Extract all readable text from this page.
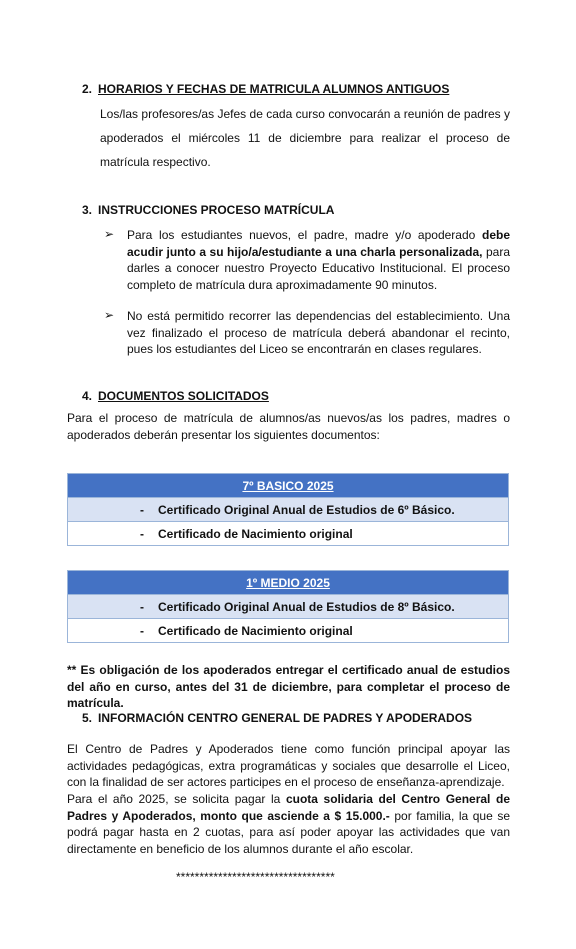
2. HORARIOS Y FECHAS DE MATRICULA ALUMNOS ANTIGUOS
Los/las profesores/as Jefes de cada curso convocarán a reunión de padres y apoderados el miércoles 11 de diciembre para realizar el proceso de matrícula respectivo.
3. INSTRUCCIONES PROCESO MATRÍCULA
➢ Para los estudiantes nuevos, el padre, madre y/o apoderado debe acudir junto a su hijo/a/estudiante a una charla personalizada, para darles a conocer nuestro Proyecto Educativo Institucional. El proceso completo de matrícula dura aproximadamente 90 minutos.
➢ No está permitido recorrer las dependencias del establecimiento. Una vez finalizado el proceso de matrícula deberá abandonar el recinto, pues los estudiantes del Liceo se encontrarán en clases regulares.
4. DOCUMENTOS SOLICITADOS
Para el proceso de matrícula de alumnos/as nuevos/as los padres, madres o apoderados deberán presentar los siguientes documentos:
7º BASICO 2025

-	Certificado Original Anual de Estudios de 6º Básico.

-	Certificado de Nacimiento original
1º MEDIO 2025

-	Certificado Original Anual de Estudios de 8º Básico.

-	Certificado de Nacimiento original
** Es obligación de los apoderados entregar el certificado anual de estudios del año en curso, antes del 31 de diciembre, para completar el proceso de matrícula.
5. INFORMACIÓN CENTRO GENERAL DE PADRES Y APODERADOS
El Centro de Padres y Apoderados tiene como función principal apoyar las actividades pedagógicas, extra programáticas y sociales que desarrolle el Liceo, con la finalidad de ser actores participes en el proceso de enseñanza-aprendizaje.
Para el año 2025, se solicita pagar la cuota solidaria del Centro General de Padres y Apoderados, monto que asciende a $ 15.000.- por familia, la que se podrá pagar hasta en 2 cuotas, para así poder apoyar las actividades que van directamente en beneficio de los alumnos durante el año escolar.
**********************************
